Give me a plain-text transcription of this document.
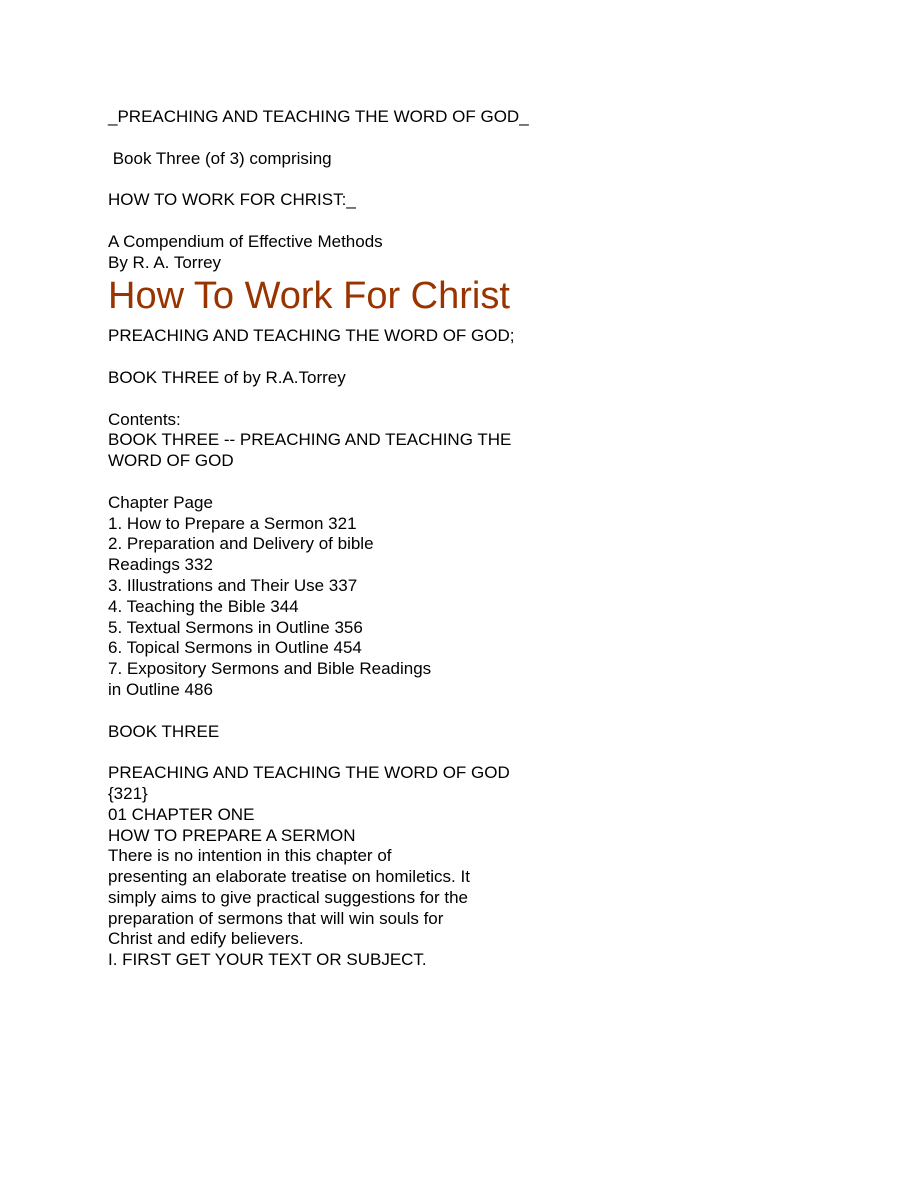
_PREACHING AND TEACHING THE WORD OF GOD_
Book Three (of 3) comprising
HOW TO WORK FOR CHRIST:_
A Compendium of Effective Methods
By R. A. Torrey
How To Work For Christ
PREACHING AND TEACHING THE WORD OF GOD;
BOOK THREE of by R.A.Torrey
Contents:
BOOK THREE -- PREACHING AND TEACHING THE
WORD OF GOD
Chapter Page
1. How to Prepare a Sermon 321
2. Preparation and Delivery of bible
Readings 332
3. Illustrations and Their Use 337
4. Teaching the Bible 344
5. Textual Sermons in Outline 356
6. Topical Sermons in Outline 454
7. Expository Sermons and Bible Readings
in Outline 486
BOOK THREE
PREACHING AND TEACHING THE WORD OF GOD
{321}
01 CHAPTER ONE
HOW TO PREPARE A SERMON
There is no intention in this chapter of
presenting an elaborate treatise on homiletics. It
simply aims to give practical suggestions for the
preparation of sermons that will win souls for
Christ and edify believers.
I. FIRST GET YOUR TEXT OR SUBJECT.
